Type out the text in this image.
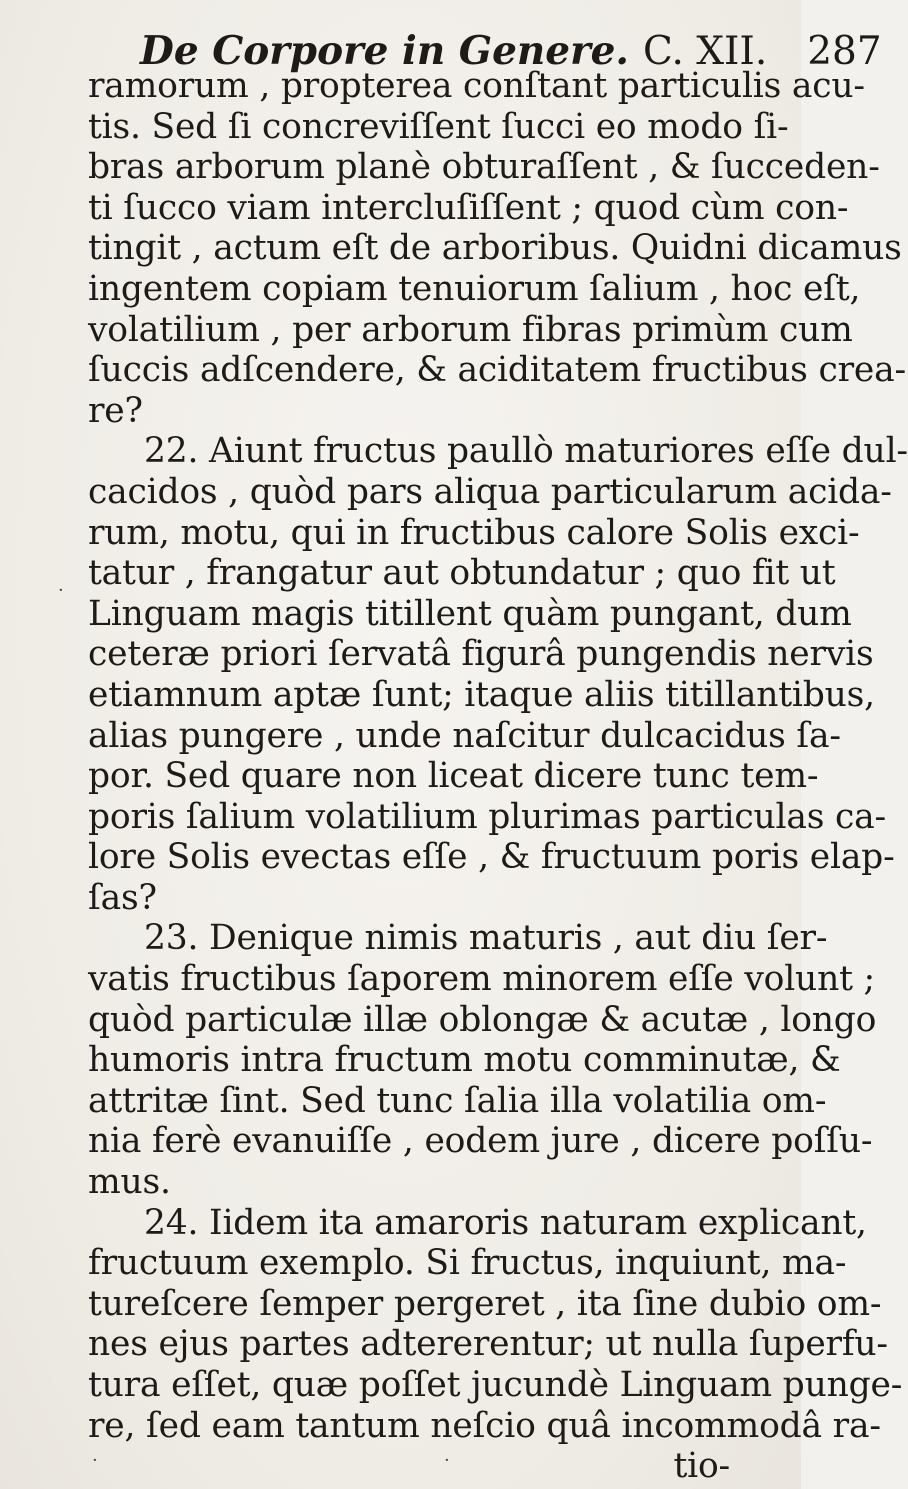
De Corpore in Genere. C. XII. 287
ramorum , propterea conſtant particulis acu-
tis. Sed ſi concreviſſent ſucci eo modo ſi-
bras arborum planè obturaſſent , & ſucceden-
ti ſucco viam intercluſiſſent ; quod cùm con-
tingit , actum eſt de arboribus. Quidni dicamus
ingentem copiam tenuiorum ſalium , hoc eſt,
volatilium , per arborum fibras primùm cum
ſuccis adſcendere, & aciditatem fructibus crea-
re?
22. Aiunt fructus paullò maturiores eſſe dul-
cacidos , quòd pars aliqua particularum acida-
rum, motu, qui in fructibus calore Solis exci-
tatur , frangatur aut obtundatur ; quo fit ut
Linguam magis titillent quàm pungant, dum
ceteræ priori ſervatâ figurâ pungendis nervis
etiamnum aptæ ſunt; itaque aliis titillantibus,
alias pungere , unde naſcitur dulcacidus ſa-
por. Sed quare non liceat dicere tunc tem-
poris ſalium volatilium plurimas particulas ca-
lore Solis evectas eſſe , & fructuum poris elap-
ſas?
23. Denique nimis maturis , aut diu ſer-
vatis fructibus ſaporem minorem eſſe volunt ;
quòd particulæ illæ oblongæ & acutæ , longo
humoris intra fructum motu comminutæ, &
attritæ ſint. Sed tunc ſalia illa volatilia om-
nia ferè evanuiſſe , eodem jure , dicere poſſu-
mus.
24. Iidem ita amaroris naturam explicant,
fructuum exemplo. Si fructus, inquiunt, ma-
tureſcere ſemper pergeret , ita ſine dubio om-
nes ejus partes adtererentur; ut nulla ſuperfu-
tura eſſet, quæ poſſet jucundè Linguam punge-
re, ſed eam tantum neſcio quâ incommodâ ra-
tio-
·
·	·
